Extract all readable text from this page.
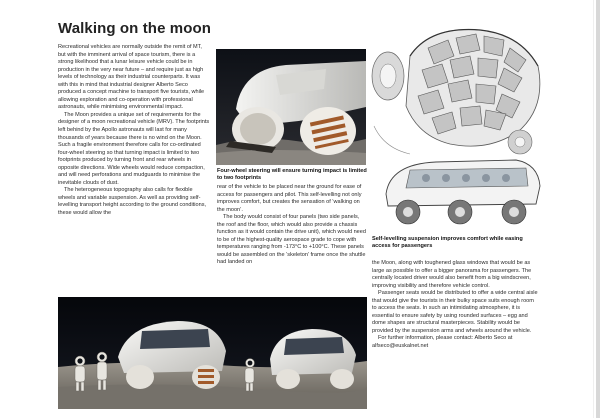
Walking on the moon

Recreational vehicles are normally outside the remit of MT, but with the imminent arrival of space tourism, there is a strong likelihood that a lunar leisure vehicle could be in production in the very near future – and require just as high levels of technology as their industrial counterparts. It was with this in mind that industrial designer Alberto Seco produced a concept machine to transport five tourists, while allowing exploration and co-operation with professional astronauts, while minimising environmental impact.

The Moon provides a unique set of requirements for the designer of a moon recreational vehicle (MRV). The footprints left behind by the Apollo astronauts will last for many thousands of years because there is no wind on the Moon. Such a fragile environment therefore calls for co-ordinated four-wheel steering so that turning impact is limited to two footprints produced by turning front and rear wheels in opposite directions. Wide wheels would reduce compaction, and will need perforations and mudguards to minimise the inevitable clouds of dust.

The heterogeneous topography also calls for flexible wheels and variable suspension. As well as providing self-levelling transport height according to the ground conditions, these would allow the

Four-wheel steering will ensure turning impact is limited to two footprints

rear of the vehicle to be placed near the ground for ease of access for passengers and pilot. This self-levelling not only improves comfort, but creates the sensation of ‘walking on the moon’.

The body would consist of four panels (two side panels, the roof and the floor, which would also provide a chassis function as it would contain the drive unit), which would need to be of the highest-quality aerospace grade to cope with temperatures ranging from -173°C to +100°C. These panels would be assembled on the ‘skeleton’ frame once the shuttle had landed on

Self-levelling suspension improves comfort while easing access for passengers

the Moon, along with toughened glass windows that would be as large as possible to offer a bigger panorama for passengers. The centrally located driver would also benefit from a big windscreen, improving visibility and therefore vehicle control.

Passenger seats would be distributed to offer a wide central aisle that would give the tourists in their bulky space suits enough room to access the seats. In such an intimidating atmosphere, it is essential to ensure safety by using rounded surfaces – egg and dome shapes are structural masterpieces. Stability would be provided by the suspension arms and wheels around the vehicle.

For further information, please contact: Alberto Seco at alfseco@euskalnet.net
